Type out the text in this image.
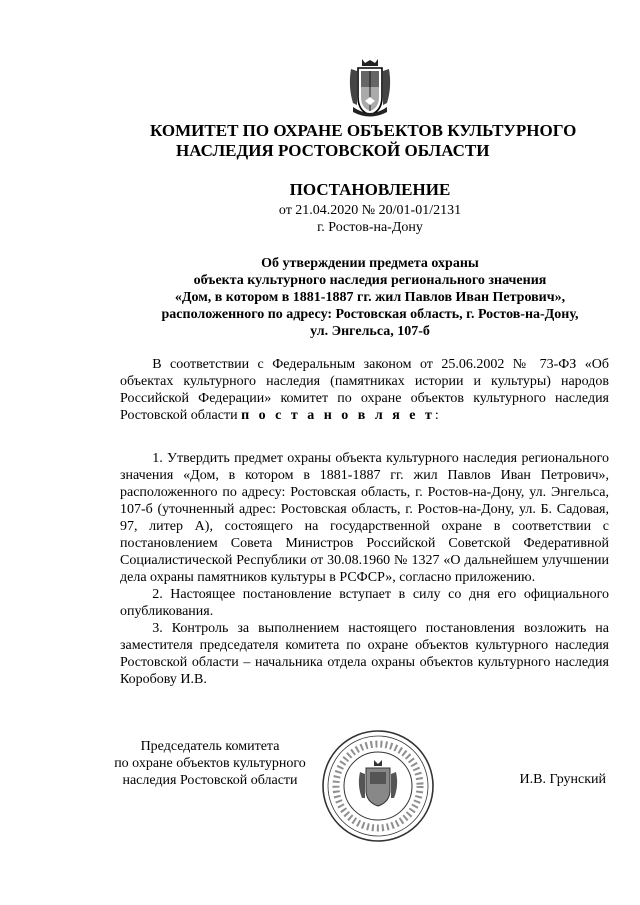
КОМИТЕТ ПО ОХРАНЕ ОБЪЕКТОВ КУЛЬТУРНОГО
НАСЛЕДИЯ РОСТОВСКОЙ ОБЛАСТИ
ПОСТАНОВЛЕНИЕ
от 21.04.2020 № 20/01-01/2131
г. Ростов-на-Дону
Об утверждении предмета охраны
объекта культурного наследия регионального значения
«Дом, в котором в 1881-1887 гг. жил Павлов Иван Петрович»,
расположенного по адресу: Ростовская область, г. Ростов-на-Дону,
ул. Энгельса, 107-б

В соответствии с Федеральным законом от 25.06.2002 № 73-ФЗ «Об объектах культурного наследия (памятниках истории и культуры) народов Российской Федерации» комитет по охране объектов культурного наследия Ростовской области п о с т а н о в л я е т:

1. Утвердить предмет охраны объекта культурного наследия регионального значения «Дом, в котором в 1881-1887 гг. жил Павлов Иван Петрович», расположенного по адресу: Ростовская область, г. Ростов-на-Дону, ул. Энгельса, 107-б (уточненный адрес: Ростовская область, г. Ростов-на-Дону, ул. Б. Садовая, 97, литер А), состоящего на государственной охране в соответствии с постановлением Совета Министров Российской Советской Федеративной Социалистической Республики от 30.08.1960 № 1327 «О дальнейшем улучшении дела охраны памятников культуры в РСФСР», согласно приложению.

2. Настоящее постановление вступает в силу со дня его официального опубликования.

3. Контроль за выполнением настоящего постановления возложить на заместителя председателя комитета по охране объектов культурного наследия Ростовской области – начальника отдела охраны объектов культурного наследия Коробову И.В.

Председатель комитета
по охране объектов культурного
наследия Ростовской области	И.В. Грунский
